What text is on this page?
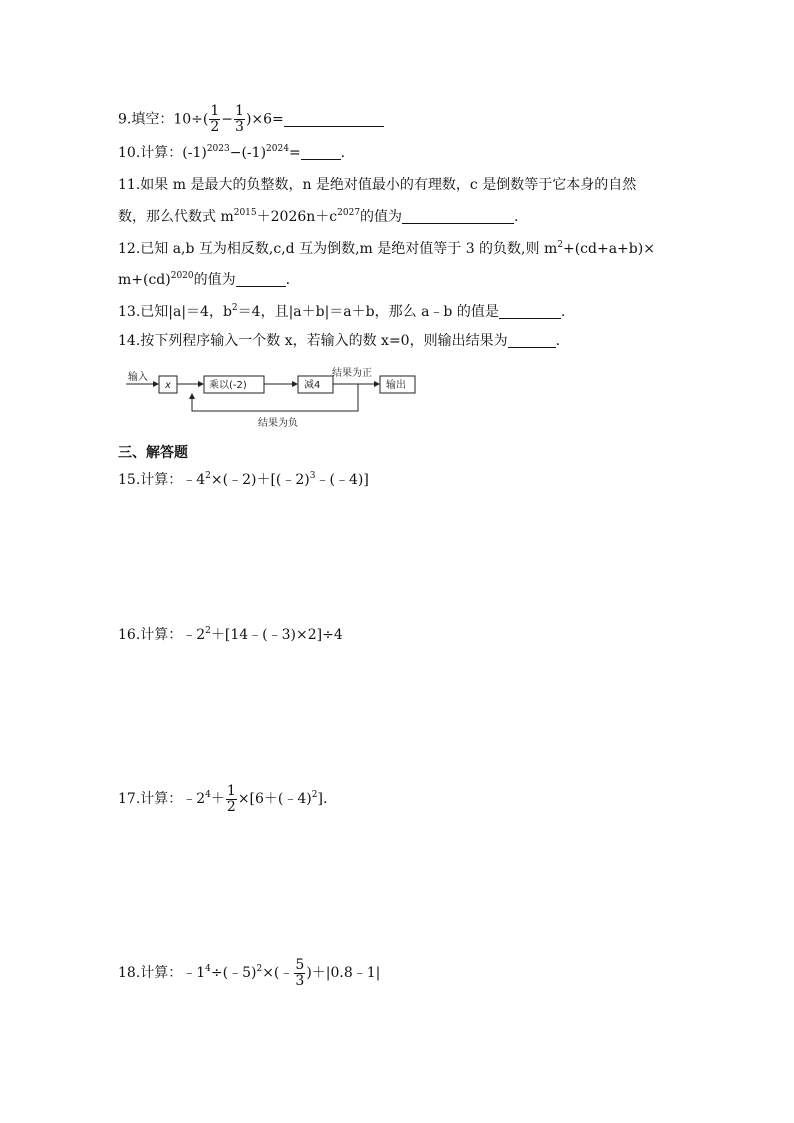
9.填空：$10\div( \frac{1}{2} - \frac{1}{3} )\times 6=$
10.计算：$(-1)^{2023}-(-1)^{2024}=$	.
11.如果 m 是最大的负整数，n 是绝对值最小的有理数，c 是倒数等于它本身的自然
数，那么代数式 $m^{2015}+2026n+c^{2027}$的值为	.
12.已知 a,b 互为相反数,c,d 互为倒数,m 是绝对值等于 3 的负数,则 $m^2+(cd+a+b)\times$
m+(cd)$^{2020}$的值为	.
13.已知|a|＝4，$b^2=4$，且|a＋b|＝a＋b，那么 a﹣b 的值是	.
14.按下列程序输入一个数 x，若输入的数 x=0，则输出结果为	.
输入
x	乘以(-2)	减4
结果为正
输出
结果为负
三、解答题
15.计算：$﹣4^2\times(﹣2)+[(﹣2)^3﹣(﹣4)]$
16.计算：$﹣2^2+[14﹣(﹣3)\times 2]\div 4$
17.计算：$﹣2^4+ \frac{1}{2}$ ×[6＋(﹣4)$^2$].
18.计算：$﹣1^4\div(﹣5)^2\times(﹣ \frac{5}{3}$ )＋|0.8﹣1|
